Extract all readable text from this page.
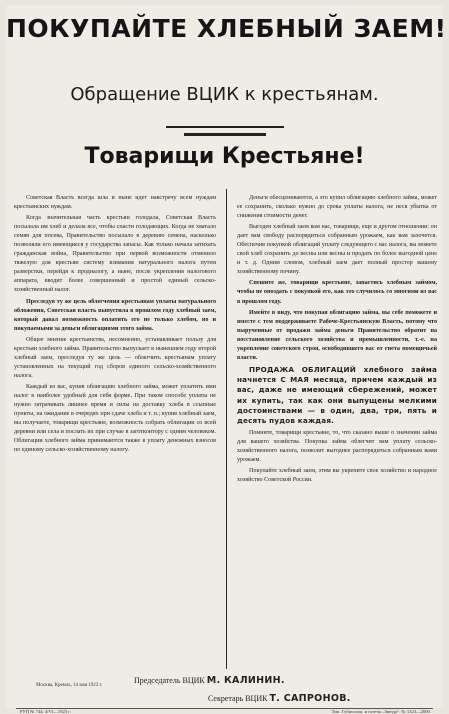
ПОКУПАЙТЕ ХЛЕБНЫЙ ЗАЕМ!
Обращение ВЦИК к крестьянам.
Товарищи Крестьяне!

Советская Власть всегда шла и ныне идет навстречу всем нуждам крестьянских нуждам.

Когда значительная часть крестьян голодала, Советская Власть посылала им хлеб и делала все, чтобы спасти голодающих. Когда не хватало семян для посева, Правительство посылало в деревню семена, насколько позволяли его имеющиеся у государства запасы. Как только начала затихать гражданская война, Правительство при первой возможности отменило тяжелую для крестьян систему взимания натурального налога путем разверстки, перейдя к продналогу, а ныне, после укрепления налогового аппарата, вводит более совершенный и простой единый сельско-хозяйственный налог.

Преследуя ту же цель облегчения крестьянам уплаты натурального обложения, Советская власть выпустила в прошлом году хлебный заем, который давал возможность оплатить его не только хлебом, но и покупаемыми за деньги облигациями этого займа.

Общее мнение крестьянства, несомненно, устанавливает пользу для крестьян хлебного займа. Правительство выпускает в нынешнем году второй хлебный заем, преследуя ту же цель — облегчить крестьянам уплату установленных на текущий год сборов единого сельско-хозяйственного налога.

Каждый из вас, купив облигацию хлебного займа, может уплатить ими налог в наиболее удобный для себя форме. При таком способе уплаты не нужно затрачивать лишнее время и силы на доставку хлеба в ссыпные пункты, на ожидание в очередях при сдаче хлеба и т. п.; купив хлебный заем, вы получаете, товарищи крестьяне, возможность собрать облигации со всей деревни или села и послать их при случае в заготконтору с одним человеком. Облигации хлебного займа принимаются также в уплату денежных взносов по единому сельско-хозяйственному налогу.

Деньги обесцениваются, а это купил облигацию хлебного займа, может ее сохранить, сколько нужно до срока уплаты налога, не неся убытка от снижения стоимости денег.

Выгоден хлебный заем вам нас, товарищи, еще и другом отношении: он дает вам свободу распорядиться собранным урожаем, как вам захочется. Обеспечив покупкой облигаций уплату следующего с вас налога, вы можете свой хлеб сохранить до весны или весны и продать по более выгодной цене и т. д. Одним словом, хлебный заем дает полный простор вашему хозяйственному почину.

Спешите же, товарищи крестьяне, запастись хлебным займом, чтобы не опоздать с покупкой его, как это случилось со многими из вас в прошлом году.

Имейте в виду, что покупая облигацию займа, вы себе поможете и вместе с тем поддерживаете Рабоче-Крестьянскую Власть, потому что вырученные от продажи займа деньги Правительство обратит на восстановление сельского хозяйства и промышленности, т.-е. на укрепление советского строя, освободившего вас от гнета помещичьей власти.

ПРОДАЖА ОБЛИГАЦИЙ хлебного займа начнется С МАЯ месяца, причем каждый из вас, даже не имеющий сбережений, может их купить, так как они выпущены мелкими достоинствами — в один, два, три, пять и десять пудов каждая.

Помните, товарищи крестьяне, то, что сказано выше о значении займа для вашего хозяйства. Покупка займа облегчит вам уплату сельско-хозяйственного налога, позволит выгоднее распорядиться собранным вами урожаем.

Покупайте хлебный заем, этим вы укрепите свое хозяйство и народное хозяйство Советской России.

Москва, Кремль, 14 мая 1923 г.
Председатель ВЦИК М. КАЛИНИН.
Секретарь ВЦИК Т. САПРОНОВ.
РУП № 744, 4/VI—1923 г.	Тип. Губисполк. и газеты „Звезда“. № 1323—2000.
